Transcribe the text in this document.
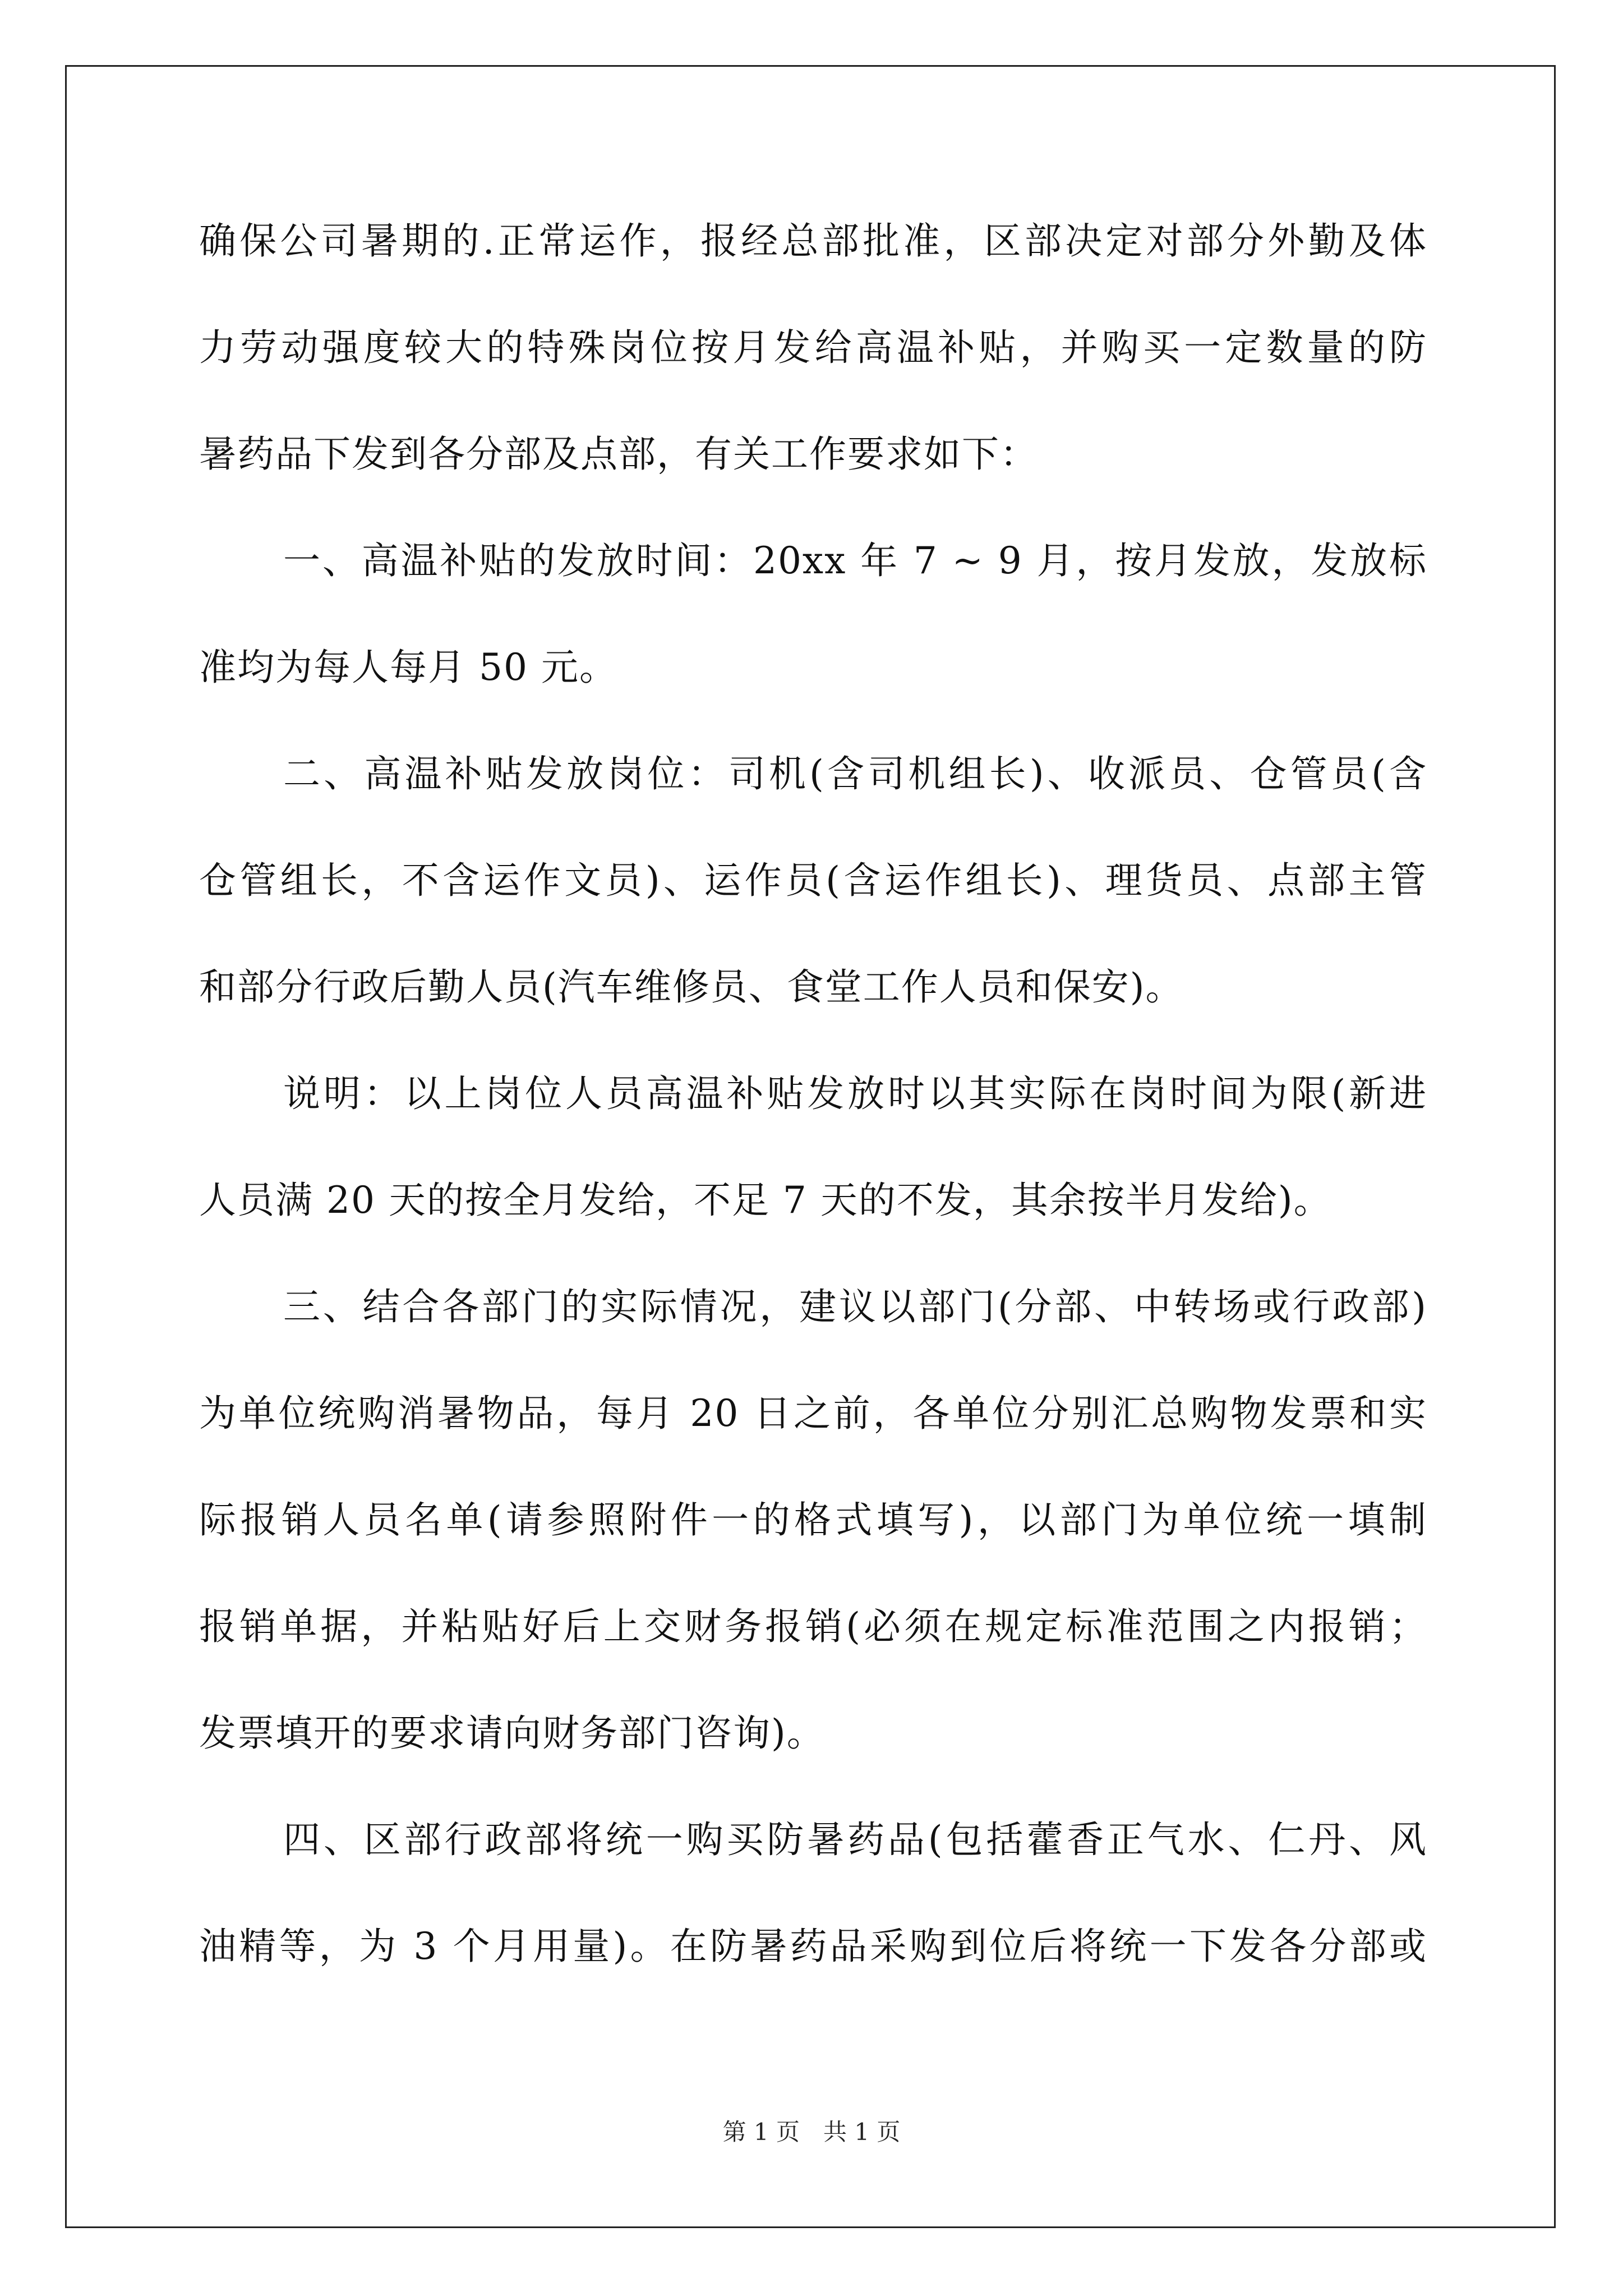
确保公司暑期的.正常运作，报经总部批准，区部决定对部分外勤及体
力劳动强度较大的特殊岗位按月发给高温补贴，并购买一定数量的防
暑药品下发到各分部及点部，有关工作要求如下：
一、高温补贴的发放时间：20xx 年 7 ~ 9 月，按月发放，发放标
准均为每人每月 50 元。
二、高温补贴发放岗位：司机(含司机组长)、收派员、仓管员(含
仓管组长，不含运作文员)、运作员(含运作组长)、理货员、点部主管
和部分行政后勤人员(汽车维修员、食堂工作人员和保安)。
说明：以上岗位人员高温补贴发放时以其实际在岗时间为限(新进
人员满 20 天的按全月发给，不足 7 天的不发，其余按半月发给)。
三、结合各部门的实际情况，建议以部门(分部、中转场或行政部)
为单位统购消暑物品，每月 20 日之前，各单位分别汇总购物发票和实
际报销人员名单(请参照附件一的格式填写)，以部门为单位统一填制
报销单据，并粘贴好后上交财务报销(必须在规定标准范围之内报销；
发票填开的要求请向财务部门咨询)。
四、区部行政部将统一购买防暑药品(包括藿香正气水、仁丹、风
油精等，为 3 个月用量)。在防暑药品采购到位后将统一下发各分部或
第 1 页　共 1 页
